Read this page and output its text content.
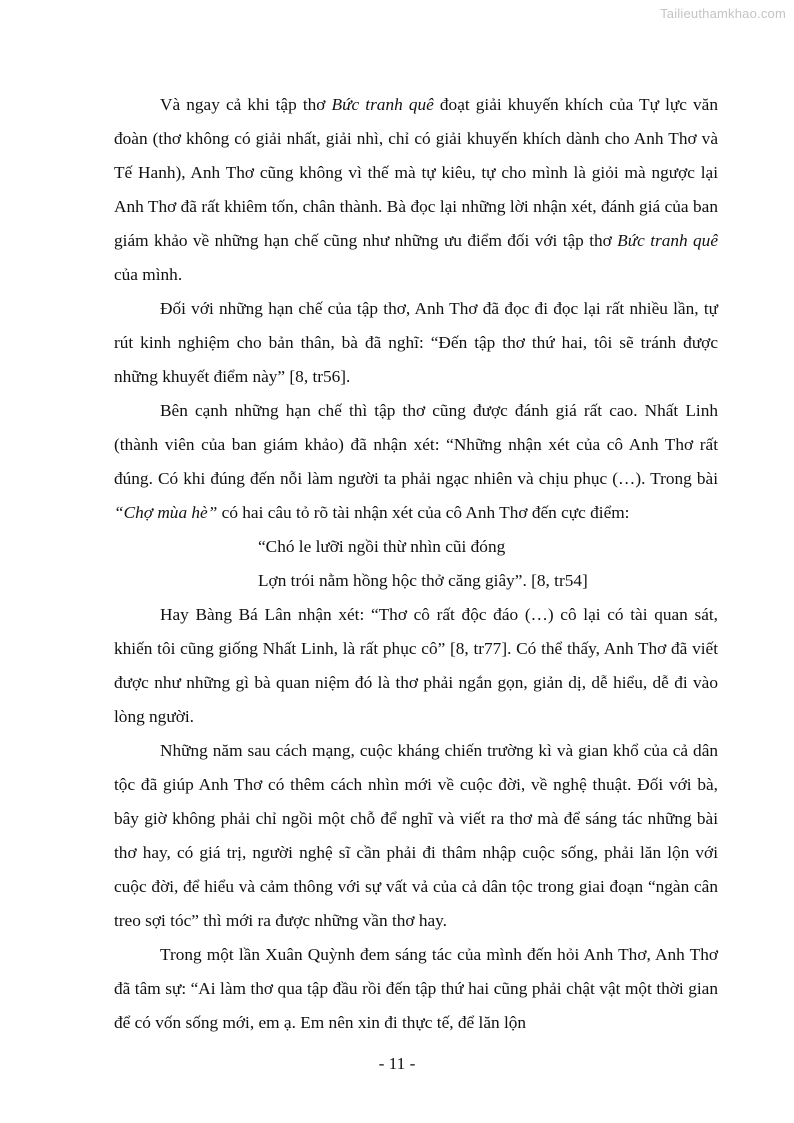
Tailieuthamkhao.com

Và ngay cả khi tập thơ Bức tranh quê đoạt giải khuyến khích của Tự lực văn đoàn (thơ không có giải nhất, giải nhì, chỉ có giải khuyến khích dành cho Anh Thơ và Tế Hanh), Anh Thơ cũng không vì thế mà tự kiêu, tự cho mình là giỏi mà ngược lại Anh Thơ đã rất khiêm tốn, chân thành. Bà đọc lại những lời nhận xét, đánh giá của ban giám khảo về những hạn chế cũng như những ưu điểm đối với tập thơ Bức tranh quê của mình.

Đối với những hạn chế của tập thơ, Anh Thơ đã đọc đi đọc lại rất nhiều lần, tự rút kinh nghiệm cho bản thân, bà đã nghĩ: “Đến tập thơ thứ hai, tôi sẽ tránh được những khuyết điểm này” [8, tr56].

Bên cạnh những hạn chế thì tập thơ cũng được đánh giá rất cao. Nhất Linh (thành viên của ban giám khảo) đã nhận xét: “Những nhận xét của cô Anh Thơ rất đúng. Có khi đúng đến nỗi làm người ta phải ngạc nhiên và chịu phục (…). Trong bài “Chợ mùa hè” có hai câu tỏ rõ tài nhận xét của cô Anh Thơ đến cực điểm:

“Chó le lưỡi ngồi thừ nhìn cũi đóng

Lợn trói nằm hồng hộc thở căng giây”. [8, tr54]

Hay Bàng Bá Lân nhận xét: “Thơ cô rất độc đáo (…) cô lại có tài quan sát, khiến tôi cũng giống Nhất Linh, là rất phục cô” [8, tr77]. Có thể thấy, Anh Thơ đã viết được như những gì bà quan niệm đó là thơ phải ngắn gọn, giản dị, dễ hiểu, dễ đi vào lòng người.

Những năm sau cách mạng, cuộc kháng chiến trường kì và gian khổ của cả dân tộc đã giúp Anh Thơ có thêm cách nhìn mới về cuộc đời, về nghệ thuật. Đối với bà, bây giờ không phải chỉ ngồi một chỗ để nghĩ và viết ra thơ mà để sáng tác những bài thơ hay, có giá trị, người nghệ sĩ cần phải đi thâm nhập cuộc sống, phải lăn lộn với cuộc đời, để hiểu và cảm thông với sự vất vả của cả dân tộc trong giai đoạn “ngàn cân treo sợi tóc” thì mới ra được những vần thơ hay.

Trong một lần Xuân Quỳnh đem sáng tác của mình đến hỏi Anh Thơ, Anh Thơ đã tâm sự: “Ai làm thơ qua tập đầu rồi đến tập thứ hai cũng phải chật vật một thời gian để có vốn sống mới, em ạ. Em nên xin đi thực tế, để lăn lộn

- 11 -
